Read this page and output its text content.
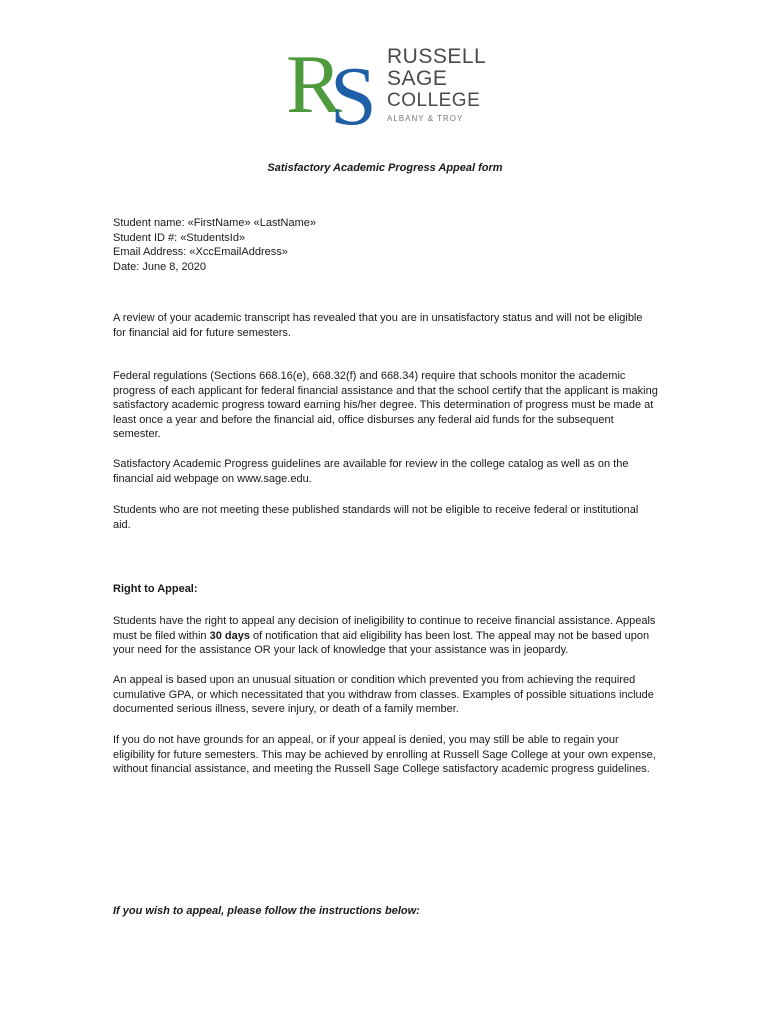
R
S RUSSELL
SAGE
COLLEGE
ALBANY & TROY
Satisfactory Academic Progress Appeal form

Student name: «FirstName» «LastName»

Student ID #: «StudentsId»

Email Address: «XccEmailAddress»

Date: June 8, 2020

A review of your academic transcript has revealed that you are in unsatisfactory status and will not be eligible for financial aid for future semesters.

Federal regulations (Sections 668.16(e), 668.32(f) and 668.34) require that schools monitor the academic progress of each applicant for federal financial assistance and that the school certify that the applicant is making satisfactory academic progress toward earning his/her degree. This determination of progress must be made at least once a year and before the financial aid, office disburses any federal aid funds for the subsequent semester.

Satisfactory Academic Progress guidelines are available for review in the college catalog as well as on the financial aid webpage on www.sage.edu.

Students who are not meeting these published standards will not be eligible to receive federal or institutional aid.

Right to Appeal:

Students have the right to appeal any decision of ineligibility to continue to receive financial assistance. Appeals must be filed within 30 days of notification that aid eligibility has been lost. The appeal may not be based upon your need for the assistance OR your lack of knowledge that your assistance was in jeopardy.

An appeal is based upon an unusual situation or condition which prevented you from achieving the required cumulative GPA, or which necessitated that you withdraw from classes. Examples of possible situations include documented serious illness, severe injury, or death of a family member.

If you do not have grounds for an appeal, or if your appeal is denied, you may still be able to regain your eligibility for future semesters. This may be achieved by enrolling at Russell Sage College at your own expense, without financial assistance, and meeting the Russell Sage College satisfactory academic progress guidelines.

If you wish to appeal, please follow the instructions below:
